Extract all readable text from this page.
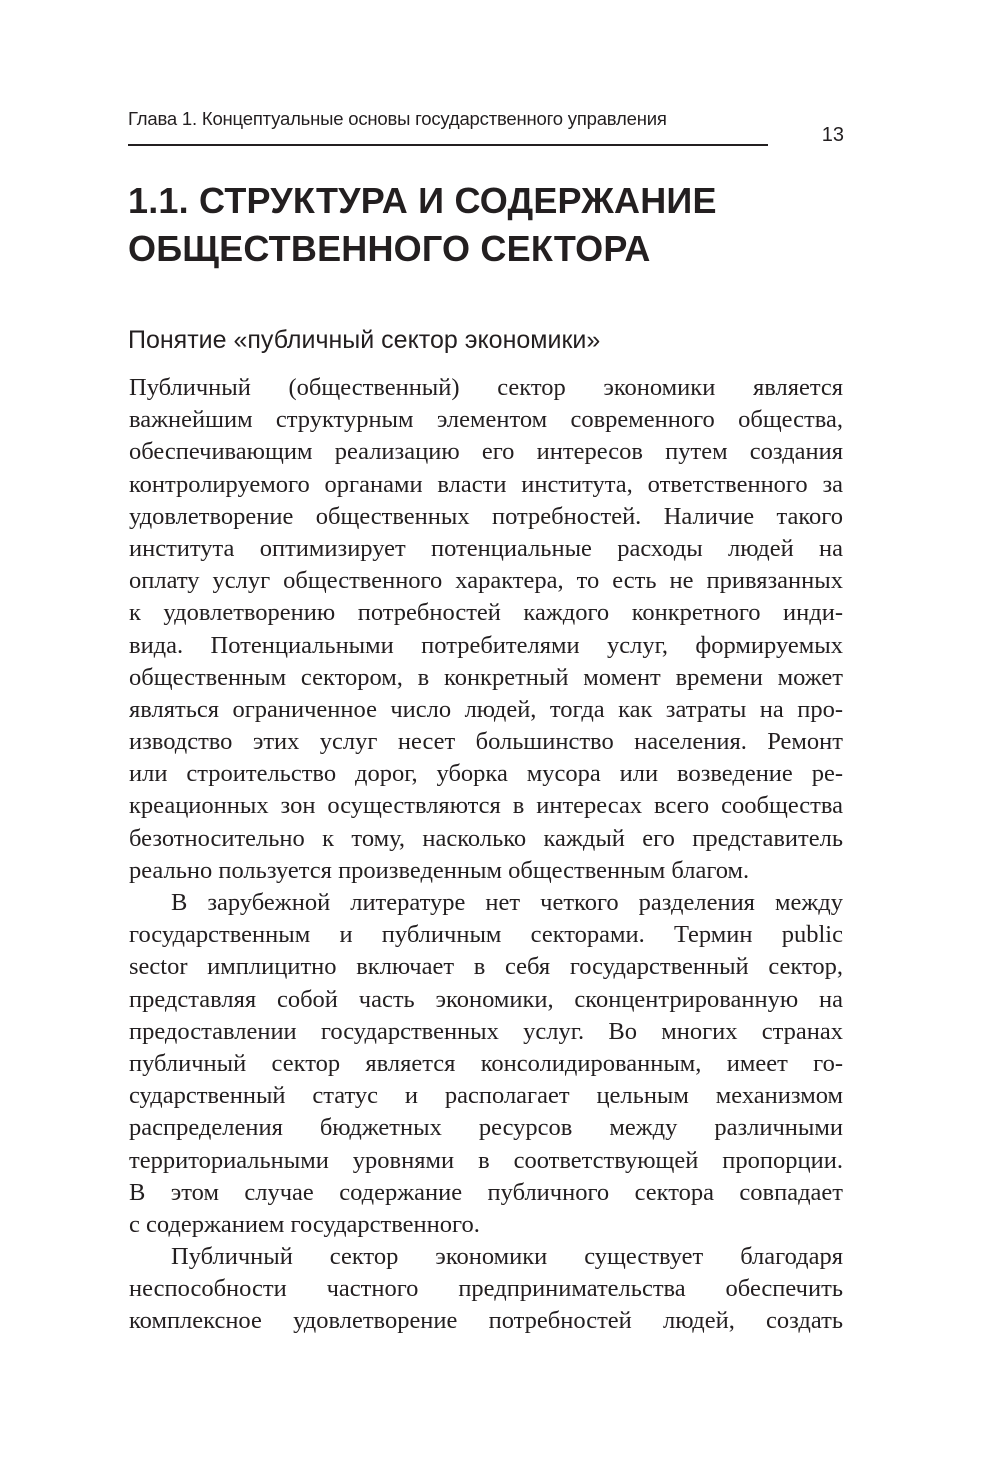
Глава 1. Концептуальные основы государственного управления
13
1.1. СТРУКТУРА И СОДЕРЖАНИЕ
ОБЩЕСТВЕННОГО СЕКТОРА
Понятие «публичный сектор экономики»
Публичный (общественный) сектор экономики является
важнейшим структурным элементом современного общества,
обеспечивающим реализацию его интересов путем создания
контролируемого органами власти института, ответственного за
удовлетворение общественных потребностей. Наличие такого
института оптимизирует потенциальные расходы людей на
оплату услуг общественного характера, то есть не привязанных
к удовлетворению потребностей каждого конкретного инди-
вида. Потенциальными потребителями услуг, формируемых
общественным сектором, в конкретный момент времени может
являться ограниченное число людей, тогда как затраты на про-
изводство этих услуг несет большинство населения. Ремонт
или строительство дорог, уборка мусора или возведение ре-
креационных зон осуществляются в интересах всего сообщества
безотносительно к тому, насколько каждый его представитель
реально пользуется произведенным общественным благом.
В зарубежной литературе нет четкого разделения между
государственным и публичным секторами. Термин public
sector имплицитно включает в себя государственный сектор,
представляя собой часть экономики, сконцентрированную на
предоставлении государственных услуг. Во многих странах
публичный сектор является консолидированным, имеет го-
сударственный статус и располагает цельным механизмом
распределения бюджетных ресурсов между различными
территориальными уровнями в соответствующей пропорции.
В этом случае содержание публичного сектора совпадает
с содержанием государственного.
Публичный сектор экономики существует благодаря
неспособности частного предпринимательства обеспечить
комплексное удовлетворение потребностей людей, создать
